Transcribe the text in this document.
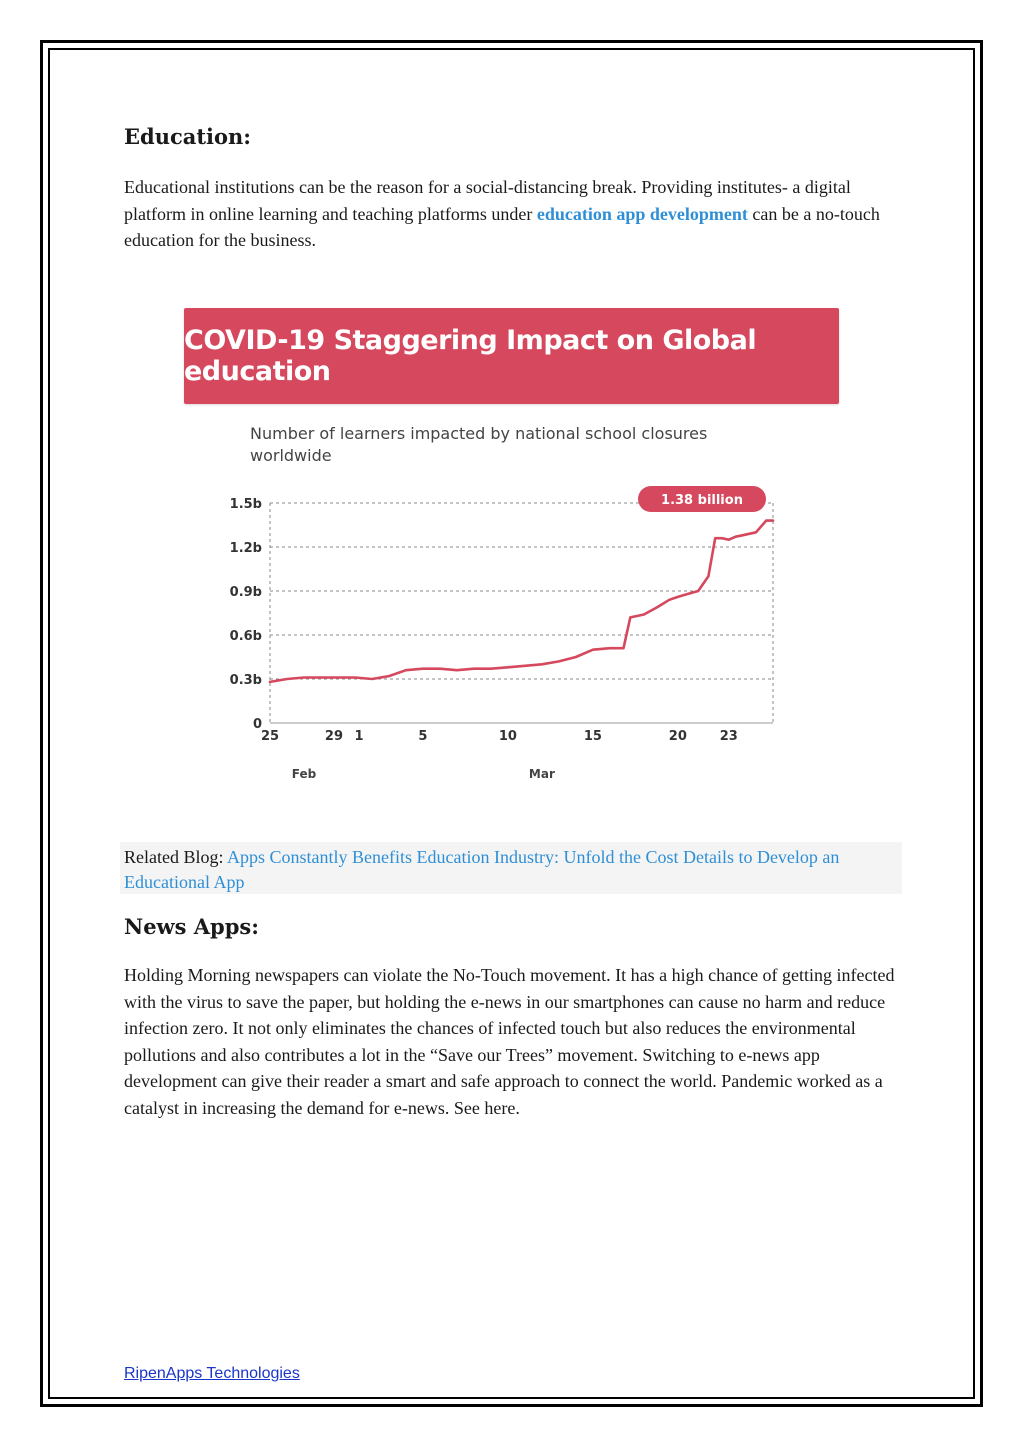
Education:

Educational institutions can be the reason for a social-distancing break. Providing institutes- a digital platform in online learning and teaching platforms under education app development can be a no-touch education for the business.

COVID-19 Staggering Impact on Global education
Number of learners impacted by national school closures worldwide
0
0.3b
0.6b
0.9b
1.2b
1.5b
25	29 1	5	10	15	20	23
Feb	Mar
1.38 billion
Related Blog: Apps Constantly Benefits Education Industry: Unfold the Cost Details to Develop an Educational App
News Apps:

Holding Morning newspapers can violate the No-Touch movement. It has a high chance of getting infected with the virus to save the paper, but holding the e-news in our smartphones can cause no harm and reduce infection zero. It not only eliminates the chances of infected touch but also reduces the environmental pollutions and also contributes a lot in the “Save our Trees” movement. Switching to e-news app development can give their reader a smart and safe approach to connect the world. Pandemic worked as a catalyst in increasing the demand for e-news. See here.

RipenApps Technologies
